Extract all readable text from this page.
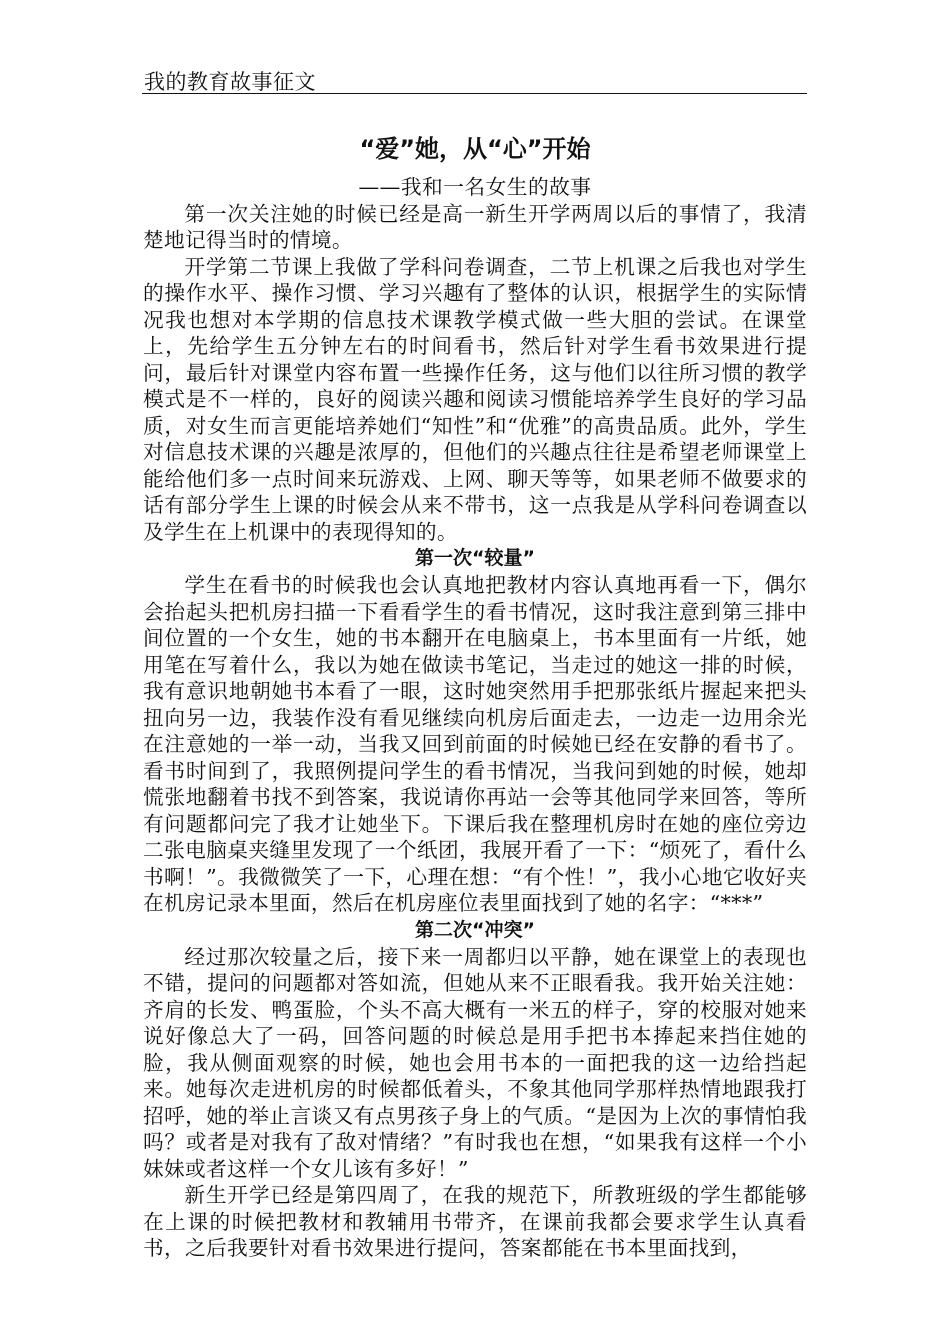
我的教育故事征文
“爱”她，从“心”开始
——我和一名女生的故事

第一次关注她的时候已经是高一新生开学两周以后的事情了，我清楚地记得当时的情境。

开学第二节课上我做了学科问卷调查，二节上机课之后我也对学生的操作水平、操作习惯、学习兴趣有了整体的认识，根据学生的实际情况我也想对本学期的信息技术课教学模式做一些大胆的尝试。在课堂上，先给学生五分钟左右的时间看书，然后针对学生看书效果进行提问，最后针对课堂内容布置一些操作任务，这与他们以往所习惯的教学模式是不一样的，良好的阅读兴趣和阅读习惯能培养学生良好的学习品质，对女生而言更能培养她们“知性”和“优雅”的高贵品质。此外，学生对信息技术课的兴趣是浓厚的，但他们的兴趣点往往是希望老师课堂上能给他们多一点时间来玩游戏、上网、聊天等等，如果老师不做要求的话有部分学生上课的时候会从来不带书，这一点我是从学科问卷调查以及学生在上机课中的表现得知的。

第一次“较量”

学生在看书的时候我也会认真地把教材内容认真地再看一下，偶尔会抬起头把机房扫描一下看看学生的看书情况，这时我注意到第三排中间位置的一个女生，她的书本翻开在电脑桌上，书本里面有一片纸，她用笔在写着什么，我以为她在做读书笔记，当走过的她这一排的时候，我有意识地朝她书本看了一眼，这时她突然用手把那张纸片握起来把头扭向另一边，我装作没有看见继续向机房后面走去，一边走一边用余光在注意她的一举一动，当我又回到前面的时候她已经在安静的看书了。看书时间到了，我照例提问学生的看书情况，当我问到她的时候，她却慌张地翻着书找不到答案，我说请你再站一会等其他同学来回答，等所有问题都问完了我才让她坐下。下课后我在整理机房时在她的座位旁边二张电脑桌夹缝里发现了一个纸团，我展开看了一下：“烦死了，看什么书啊！”。我微微笑了一下，心理在想：“有个性！”，我小心地它收好夹在机房记录本里面，然后在机房座位表里面找到了她的名字：“***”

第二次“冲突”

经过那次较量之后，接下来一周都归以平静，她在课堂上的表现也不错，提问的问题都对答如流，但她从来不正眼看我。我开始关注她：齐肩的长发、鸭蛋脸，个头不高大概有一米五的样子，穿的校服对她来说好像总大了一码，回答问题的时候总是用手把书本捧起来挡住她的脸，我从侧面观察的时候，她也会用书本的一面把我的这一边给挡起来。她每次走进机房的时候都低着头，不象其他同学那样热情地跟我打招呼，她的举止言谈又有点男孩子身上的气质。“是因为上次的事情怕我吗？或者是对我有了敌对情绪？”有时我也在想，“如果我有这样一个小妹妹或者这样一个女儿该有多好！”

新生开学已经是第四周了，在我的规范下，所教班级的学生都能够在上课的时候把教材和教辅用书带齐，在课前我都会要求学生认真看书，之后我要针对看书效果进行提问，答案都能在书本里面找到，
